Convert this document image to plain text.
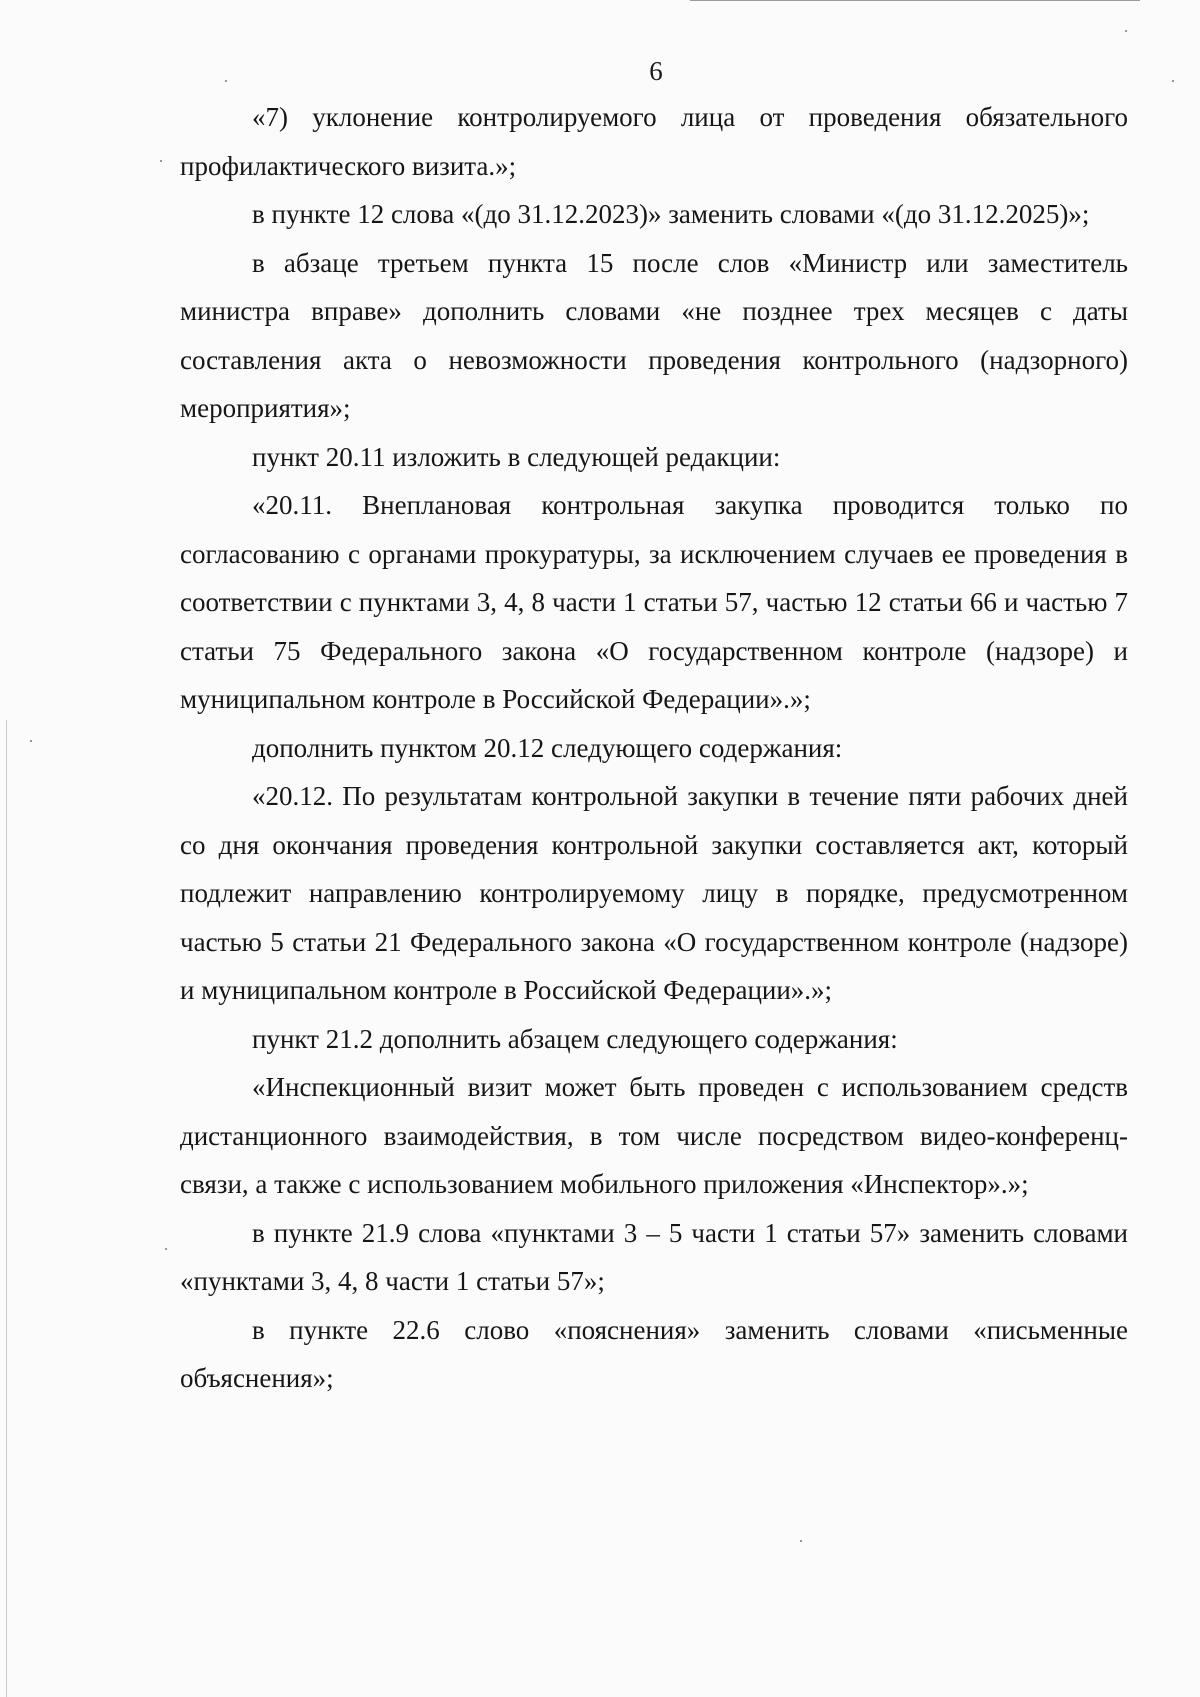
6

«7) уклонение контролируемого лица от проведения обязательного профилактического визита.»;

в пункте 12 слова «(до 31.12.2023)» заменить словами «(до 31.12.2025)»;

в абзаце третьем пункта 15 после слов «Министр или заместитель министра вправе» дополнить словами «не позднее трех месяцев с даты составления акта о невозможности проведения контрольного (надзорного) мероприятия»;

пункт 20.11 изложить в следующей редакции:

«20.11. Внеплановая контрольная закупка проводится только по согласованию с органами прокуратуры, за исключением случаев ее проведения в соответствии с пунктами 3, 4, 8 части 1 статьи 57, частью 12 статьи 66 и частью 7 статьи 75 Федерального закона «О государственном контроле (надзоре) и муниципальном контроле в Российской Федерации».»;

дополнить пунктом 20.12 следующего содержания:

«20.12. По результатам контрольной закупки в течение пяти рабочих дней со дня окончания проведения контрольной закупки составляется акт, который подлежит направлению контролируемому лицу в порядке, предусмотренном частью 5 статьи 21 Федерального закона «О государственном контроле (надзоре) и муниципальном контроле в Российской Федерации».»;

пункт 21.2 дополнить абзацем следующего содержания:

«Инспекционный визит может быть проведен с использованием средств дистанционного взаимодействия, в том числе посредством видео-конференц-связи, а также с использованием мобильного приложения «Инспектор».»;

в пункте 21.9 слова «пунктами 3 – 5 части 1 статьи 57» заменить словами «пунктами 3, 4, 8 части 1 статьи 57»;

в пункте 22.6 слово «пояснения» заменить словами «письменные объяснения»;
